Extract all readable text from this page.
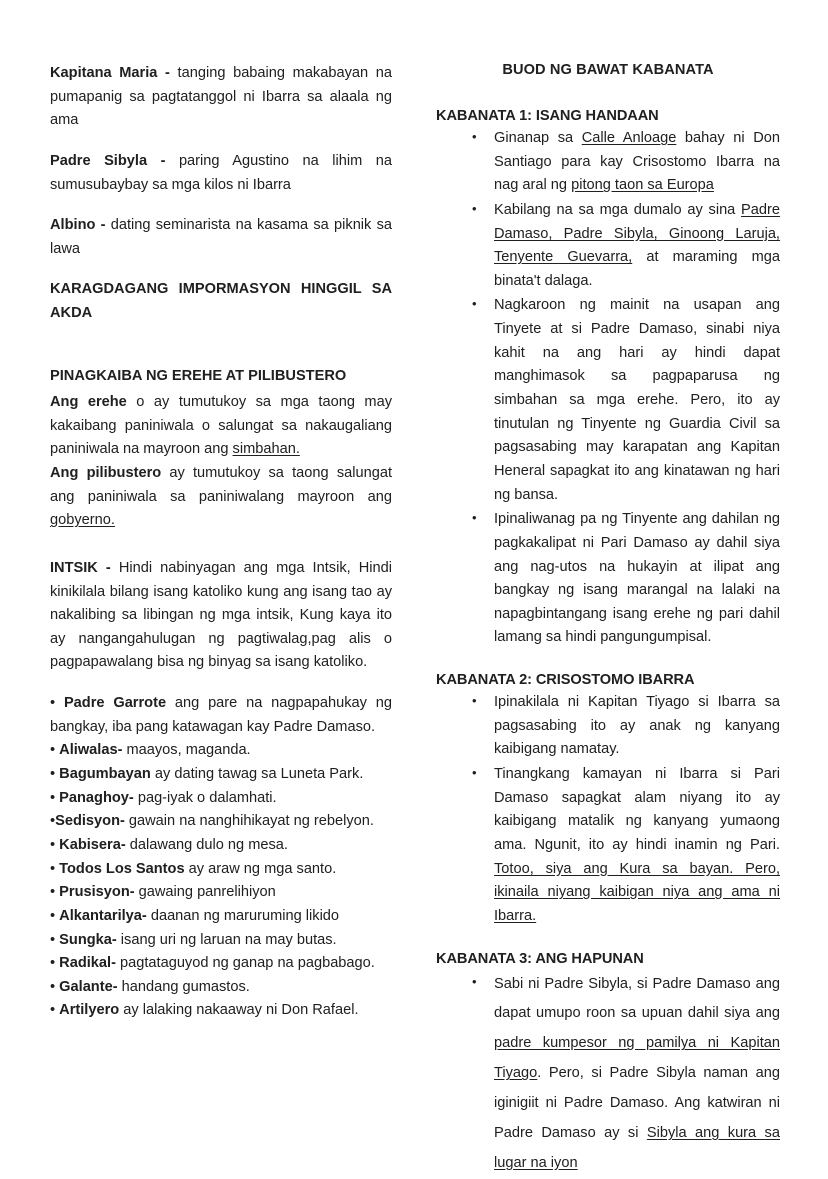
Kapitana Maria - tanging babaing makabayan na pumapanig sa pagtatanggol ni Ibarra sa alaala ng ama

Padre Sibyla - paring Agustino na lihim na sumusubaybay sa mga kilos ni Ibarra

Albino - dating seminarista na kasama sa piknik sa lawa

KARAGDAGANG IMPORMASYON HINGGIL SA AKDA

PINAGKAIBA NG EREHE AT PILIBUSTERO

Ang erehe o ay tumutukoy sa mga taong may kakaibang paniniwala o salungat sa nakaugaliang paniniwala na mayroon ang simbahan.

Ang pilibustero ay tumutukoy sa taong salungat ang paniniwala sa paniniwalang mayroon ang gobyerno.

INTSIK - Hindi nabinyagan ang mga Intsik, Hindi kinikilala bilang isang katoliko kung ang isang tao ay nakalibing sa libingan ng mga intsik, Kung kaya ito ay nangangahulugan ng pagtiwalag,pag alis o pagpapawalang bisa ng binyag sa isang katoliko.

• Padre Garrote ang pare na nagpapahukay ng bangkay, iba pang katawagan kay Padre Damaso.

• Aliwalas- maayos, maganda.

• Bagumbayan ay dating tawag sa Luneta Park.

• Panaghoy- pag-iyak o dalamhati.

•Sedisyon- gawain na nanghihikayat ng rebelyon.

• Kabisera- dalawang dulo ng mesa.

• Todos Los Santos ay araw ng mga santo.

• Prusisyon- gawaing panrelihiyon

• Alkantarilya- daanan ng maruruming likido

• Sungka- isang uri ng laruan na may butas.

• Radikal- pagtataguyod ng ganap na pagbabago.

• Galante- handang gumastos.

• Artilyero ay lalaking nakaaway ni Don Rafael.

BUOD NG BAWAT KABANATA

KABANATA 1: ISANG HANDAAN

• Ginanap sa Calle Anloage bahay ni Don Santiago para kay Crisostomo Ibarra na nag aral ng pitong taon sa Europa
• Kabilang na sa mga dumalo ay sina Padre Damaso, Padre Sibyla, Ginoong Laruja, Tenyente Guevarra, at maraming mga binata't dalaga.
• Nagkaroon ng mainit na usapan ang Tinyete at si Padre Damaso, sinabi niya kahit na ang hari ay hindi dapat manghimasok sa pagpaparusa ng simbahan sa mga erehe. Pero, ito ay tinutulan ng Tinyente ng Guardia Civil sa pagsasabing may karapatan ang Kapitan Heneral sapagkat ito ang kinatawan ng hari ng bansa.
• Ipinaliwanag pa ng Tinyente ang dahilan ng pagkakalipat ni Pari Damaso ay dahil siya ang nag-utos na hukayin at ilipat ang bangkay ng isang marangal na lalaki na napagbintangang isang erehe ng pari dahil lamang sa hindi pangungumpisal.

KABANATA 2: CRISOSTOMO IBARRA

• Ipinakilala ni Kapitan Tiyago si Ibarra sa pagsasabing ito ay anak ng kanyang kaibigang namatay.
• Tinangkang kamayan ni Ibarra si Pari Damaso sapagkat alam niyang ito ay kaibigang matalik ng kanyang yumaong ama. Ngunit, ito ay hindi inamin ng Pari. Totoo, siya ang Kura sa bayan. Pero, ikinaila niyang kaibigan niya ang ama ni Ibarra.

KABANATA 3: ANG HAPUNAN

• Sabi ni Padre Sibyla, si Padre Damaso ang dapat umupo roon sa upuan dahil siya ang padre kumpesor ng pamilya ni Kapitan Tiyago. Pero, si Padre Sibyla naman ang iginigiit ni Padre Damaso. Ang katwiran ni Padre Damaso ay si Sibyla ang kura sa lugar na iyon
